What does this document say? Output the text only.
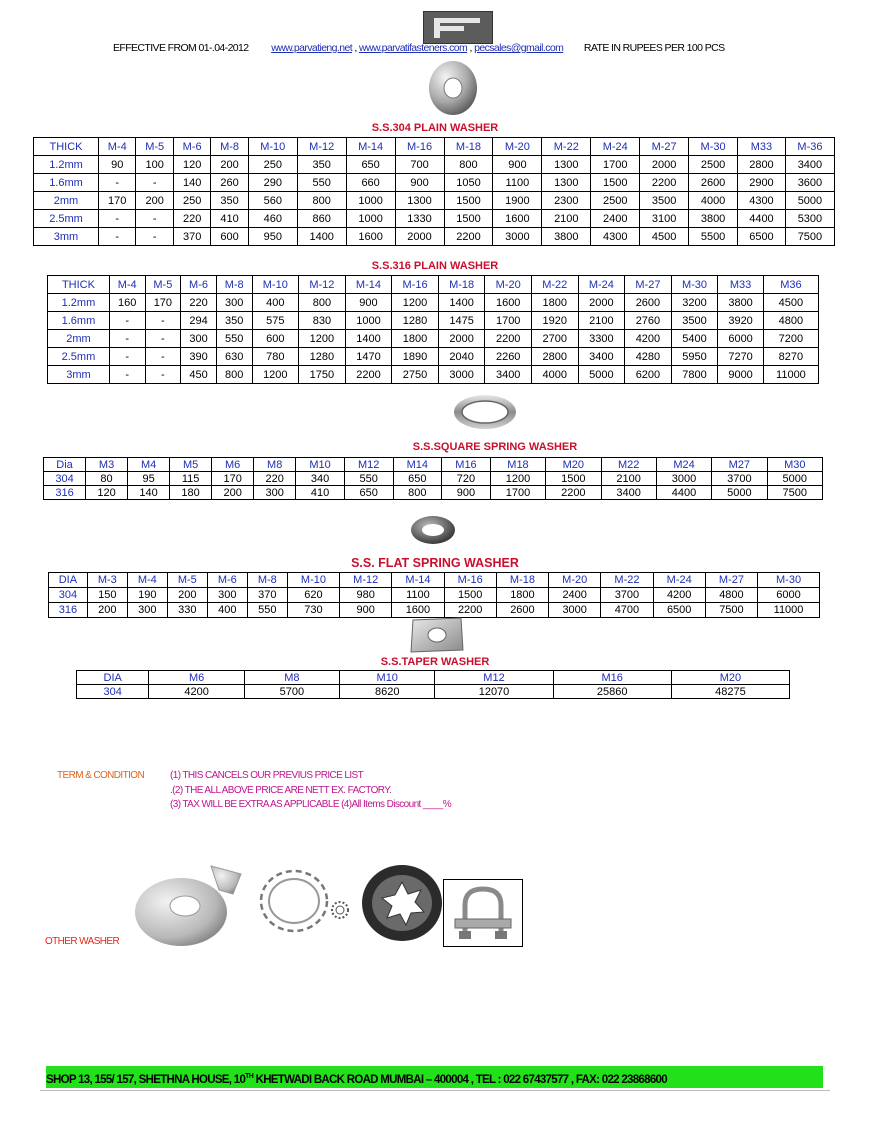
EFFECTIVE FROM 01-.04-2012 www.parvatieng.net , www.parvatifasteners.com , pecsales@gmail.com RATE IN RUPEES PER 100 PCS
S.S.304 PLAIN WASHER
THICK	M-4	M-5	M-6	M-8	M-10	M-12	M-14	M-16	M-18	M-20	M-22	M-24	M-27	M-30	M33	M-36
1.2mm	90	100	120	200	250	350	650	700	800	900	1300	1700	2000	2500	2800	3400
1.6mm	-	-	140	260	290	550	660	900	1050	1100	1300	1500	2200	2600	2900	3600
2mm	170	200	250	350	560	800	1000	1300	1500	1900	2300	2500	3500	4000	4300	5000
2.5mm	-	-	220	410	460	860	1000	1330	1500	1600	2100	2400	3100	3800	4400	5300
3mm	-	-	370	600	950	1400	1600	2000	2200	3000	3800	4300	4500	5500	6500	7500
S.S.316 PLAIN WASHER
THICK	M-4	M-5	M-6	M-8	M-10	M-12	M-14	M-16	M-18	M-20	M-22	M-24	M-27	M-30	M33	M36
1.2mm	160	170	220	300	400	800	900	1200	1400	1600	1800	2000	2600	3200	3800	4500
1.6mm	-	-	294	350	575	830	1000	1280	1475	1700	1920	2100	2760	3500	3920	4800
2mm	-	-	300	550	600	1200	1400	1800	2000	2200	2700	3300	4200	5400	6000	7200
2.5mm	-	-	390	630	780	1280	1470	1890	2040	2260	2800	3400	4280	5950	7270	8270
3mm	-	-	450	800	1200	1750	2200	2750	3000	3400	4000	5000	6200	7800	9000	11000
S.S.SQUARE SPRING WASHER
Dia	M3	M4	M5	M6	M8	M10	M12	M14	M16	M18	M20	M22	M24	M27	M30
304	80	95	115	170	220	340	550	650	720	1200	1500	2100	3000	3700	5000
316	120	140	180	200	300	410	650	800	900	1700	2200	3400	4400	5000	7500
S.S. FLAT SPRING WASHER
DIA	M-3	M-4	M-5	M-6	M-8	M-10	M-12	M-14	M-16	M-18	M-20	M-22	M-24	M-27	M-30
304	150	190	200	300	370	620	980	1100	1500	1800	2400	3700	4200	4800	6000
316	200	300	330	400	550	730	900	1600	2200	2600	3000	4700	6500	7500	11000
S.S.TAPER WASHER
DIA	M6	M8	M10	M12	M16	M20
304	4200	5700	8620	12070	25860	48275
TERM & CONDITION	(1) THIS CANCELS OUR PREVIUS PRICE LIST
.(2) THE ALL ABOVE PRICE ARE NETT EX. FACTORY.
(3) TAX WILL BE EXTRA AS APPLICABLE (4)All Items Discount ____%
OTHER WASHER
SHOP 13, 155/ 157, SHETHNA HOUSE, 10TH KHETWADI BACK ROAD MUMBAI – 400004 , TEL : 022 67437577 , FAX: 022 23868600
